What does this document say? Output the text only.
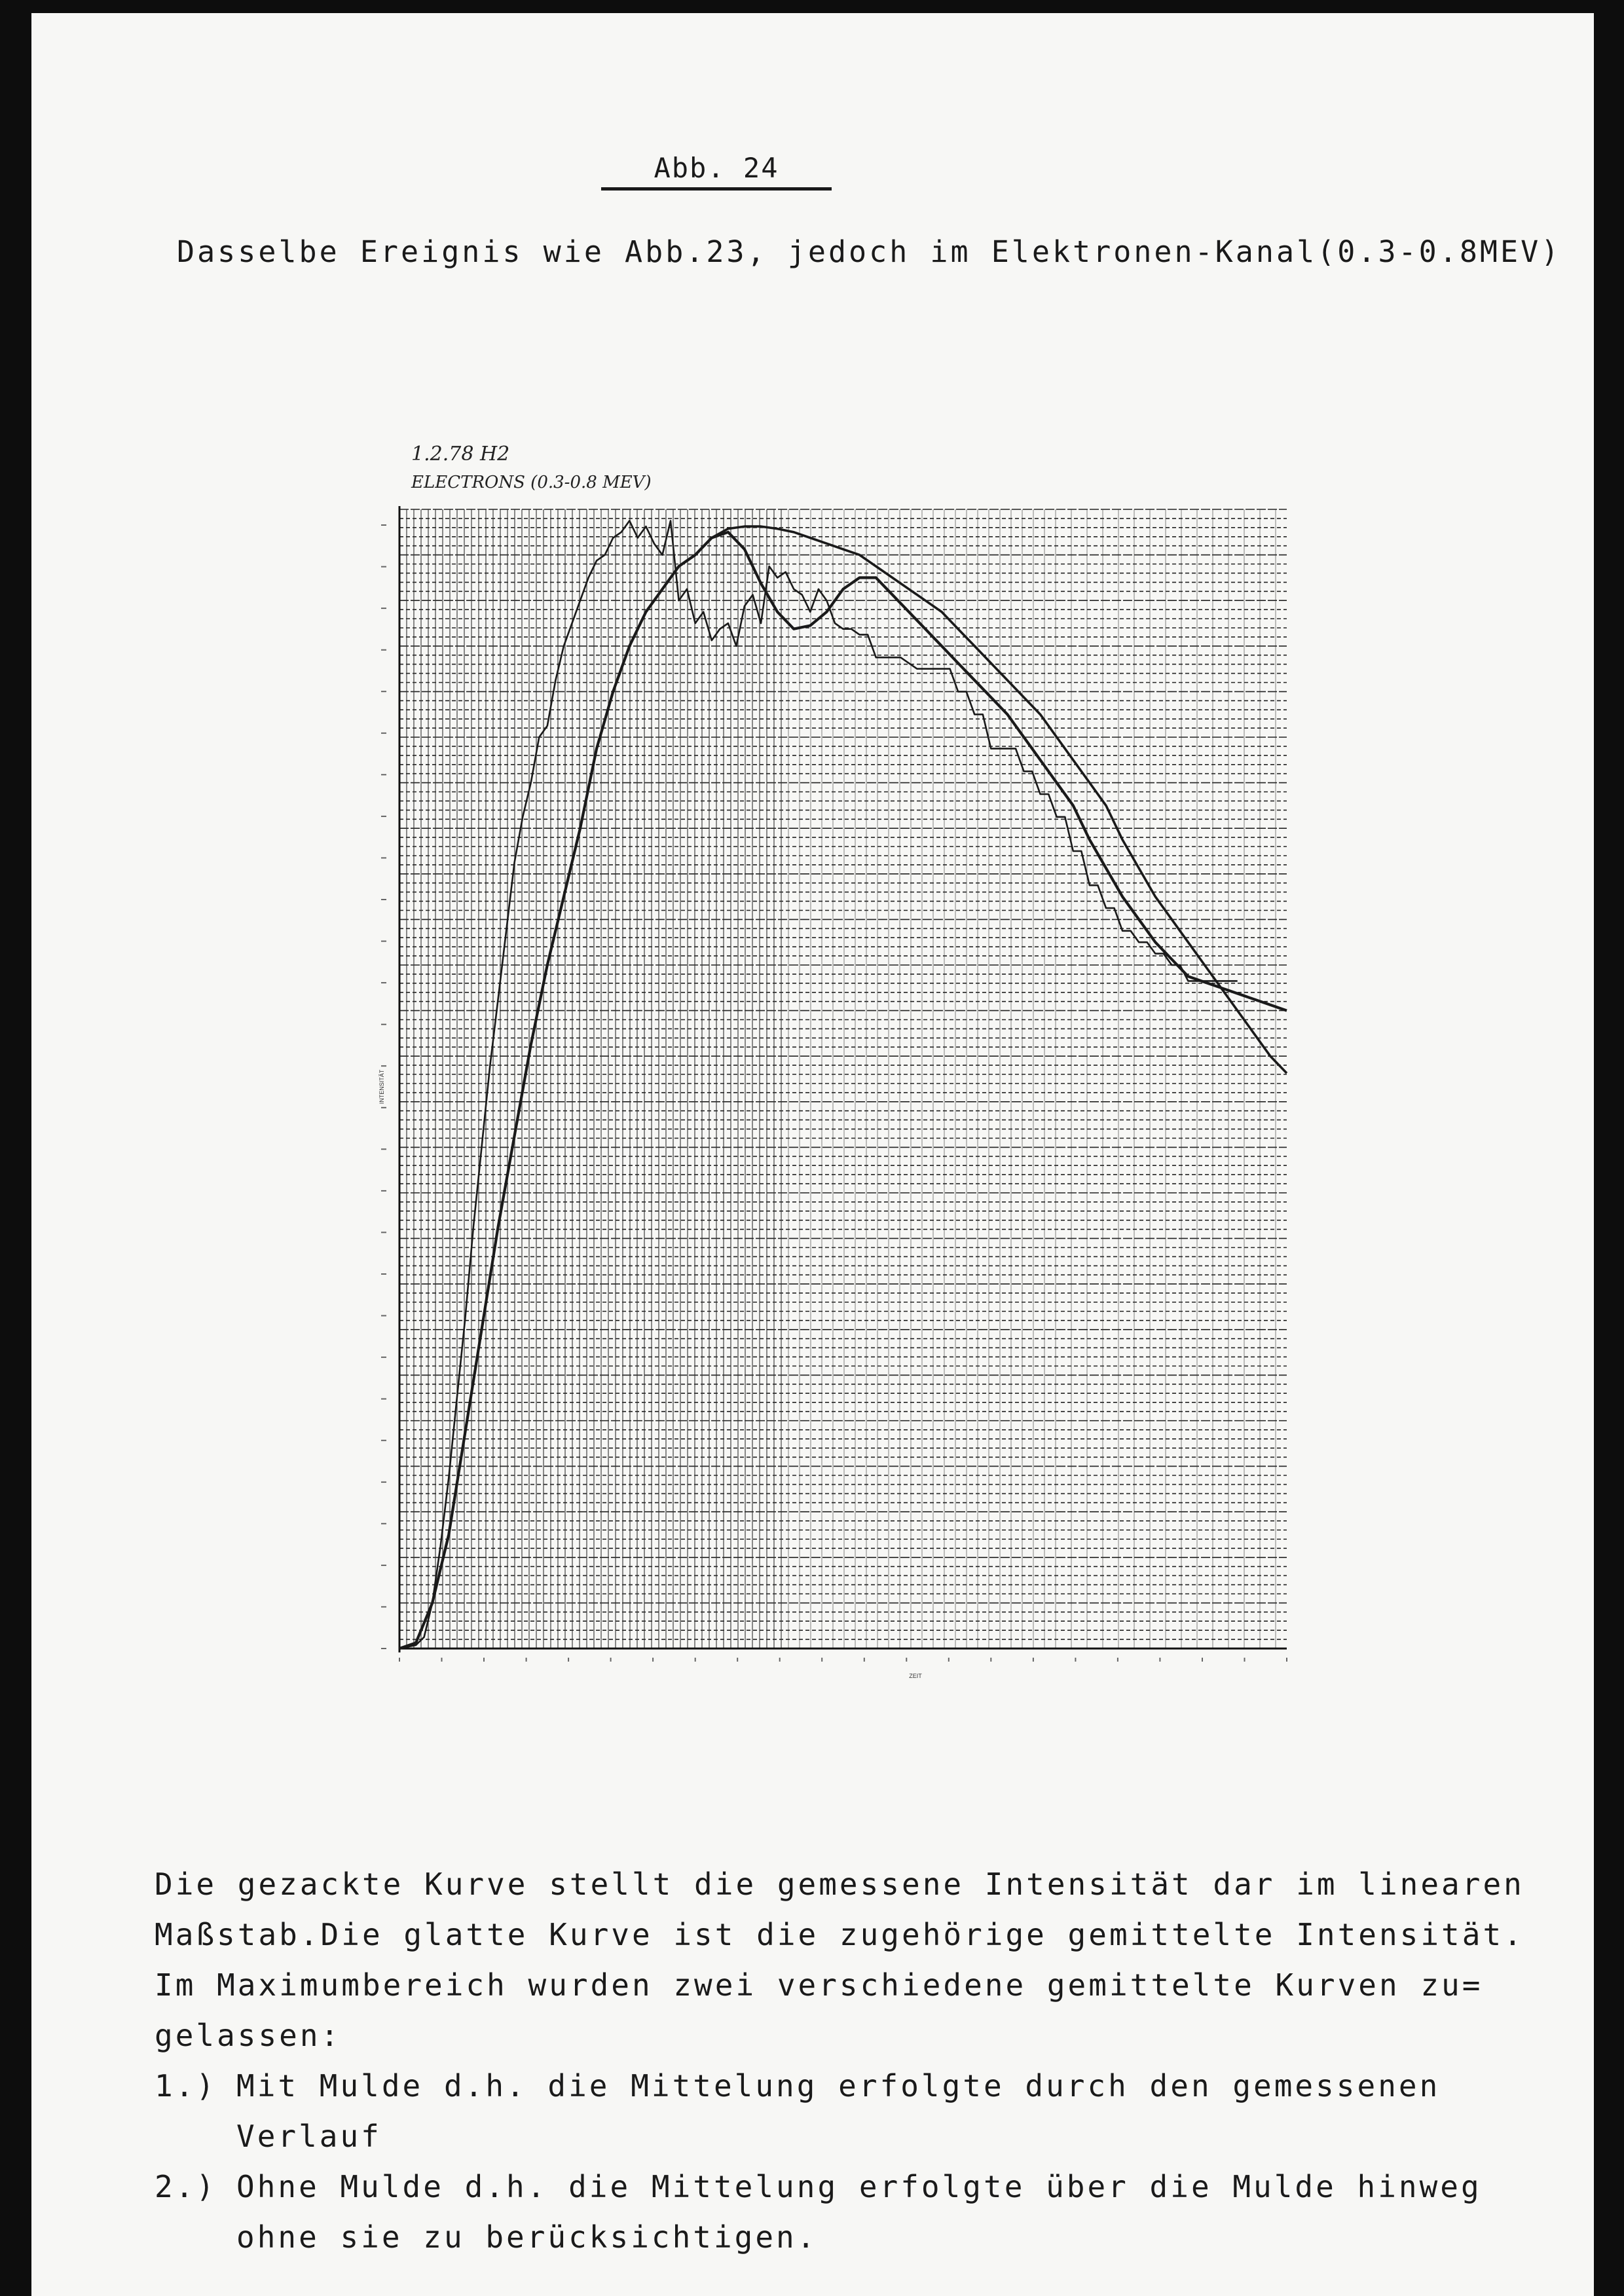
Abb. 24
Dasselbe Ereignis wie Abb.23, jedoch im Elektronen-Kanal(0.3-0.8MEV)
1.2.78 H2
ELECTRONS (0.3-0.8 MEV)
INTENSITÄT
ZEIT
Die gezackte Kurve stellt die gemessene Intensität dar im linearen
Maßstab.Die glatte Kurve ist die zugehörige gemittelte Intensität.
Im Maximumbereich wurden zwei verschiedene gemittelte Kurven zu=
gelassen:
1.) Mit Mulde d.h. die Mittelung erfolgte durch den gemessenen
Verlauf
2.) Ohne Mulde d.h. die Mittelung erfolgte über die Mulde hinweg
ohne sie zu berücksichtigen.
